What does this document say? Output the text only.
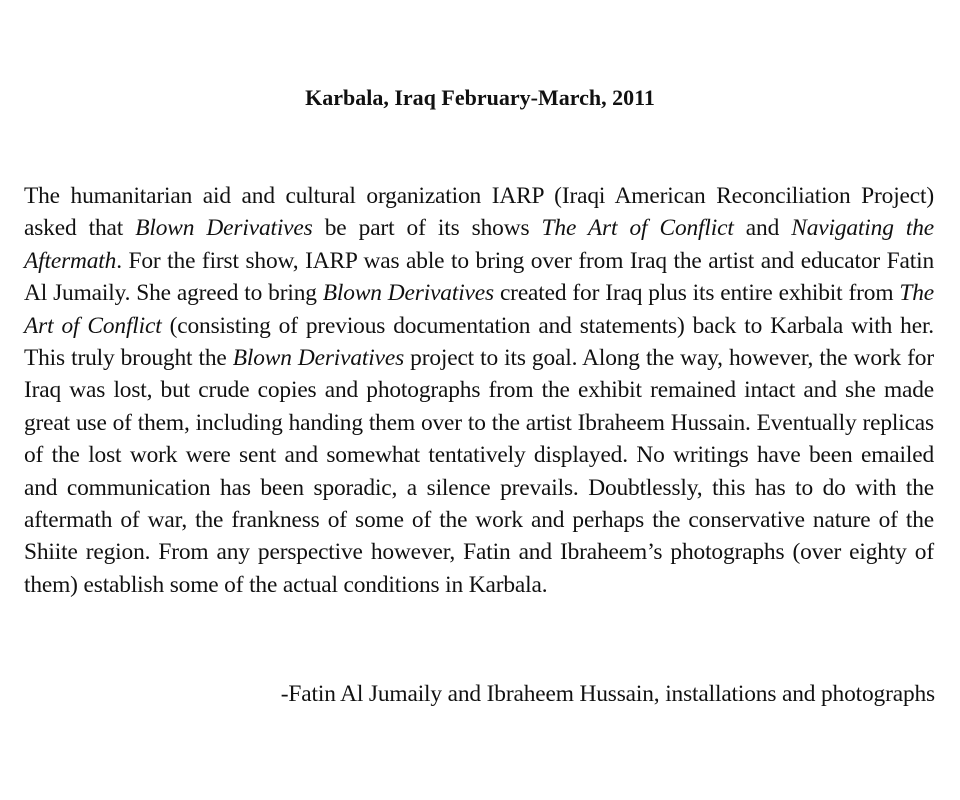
Karbala, Iraq February-March, 2011

The humanitarian aid and cultural organization IARP (Iraqi American Reconciliation Project) asked that Blown Derivatives be part of its shows The Art of Conflict and Navigating the Aftermath. For the first show, IARP was able to bring over from Iraq the artist and educator Fatin Al Jumaily. She agreed to bring Blown Derivatives created for Iraq plus its entire exhibit from The Art of Conflict (consisting of previous documentation and statements) back to Karbala with her. This truly brought the Blown Derivatives project to its goal. Along the way, however, the work for Iraq was lost, but crude copies and photographs from the exhibit remained intact and she made great use of them, including handing them over to the artist Ibraheem Hussain. Eventually replicas of the lost work were sent and somewhat tentatively displayed. No writings have been emailed and communication has been sporadic, a silence prevails. Doubtlessly, this has to do with the aftermath of war, the frankness of some of the work and perhaps the conservative nature of the Shiite region. From any perspective however, Fatin and Ibraheem’s photographs (over eighty of them) establish some of the actual conditions in Karbala.

-Fatin Al Jumaily and Ibraheem Hussain, installations and photographs
